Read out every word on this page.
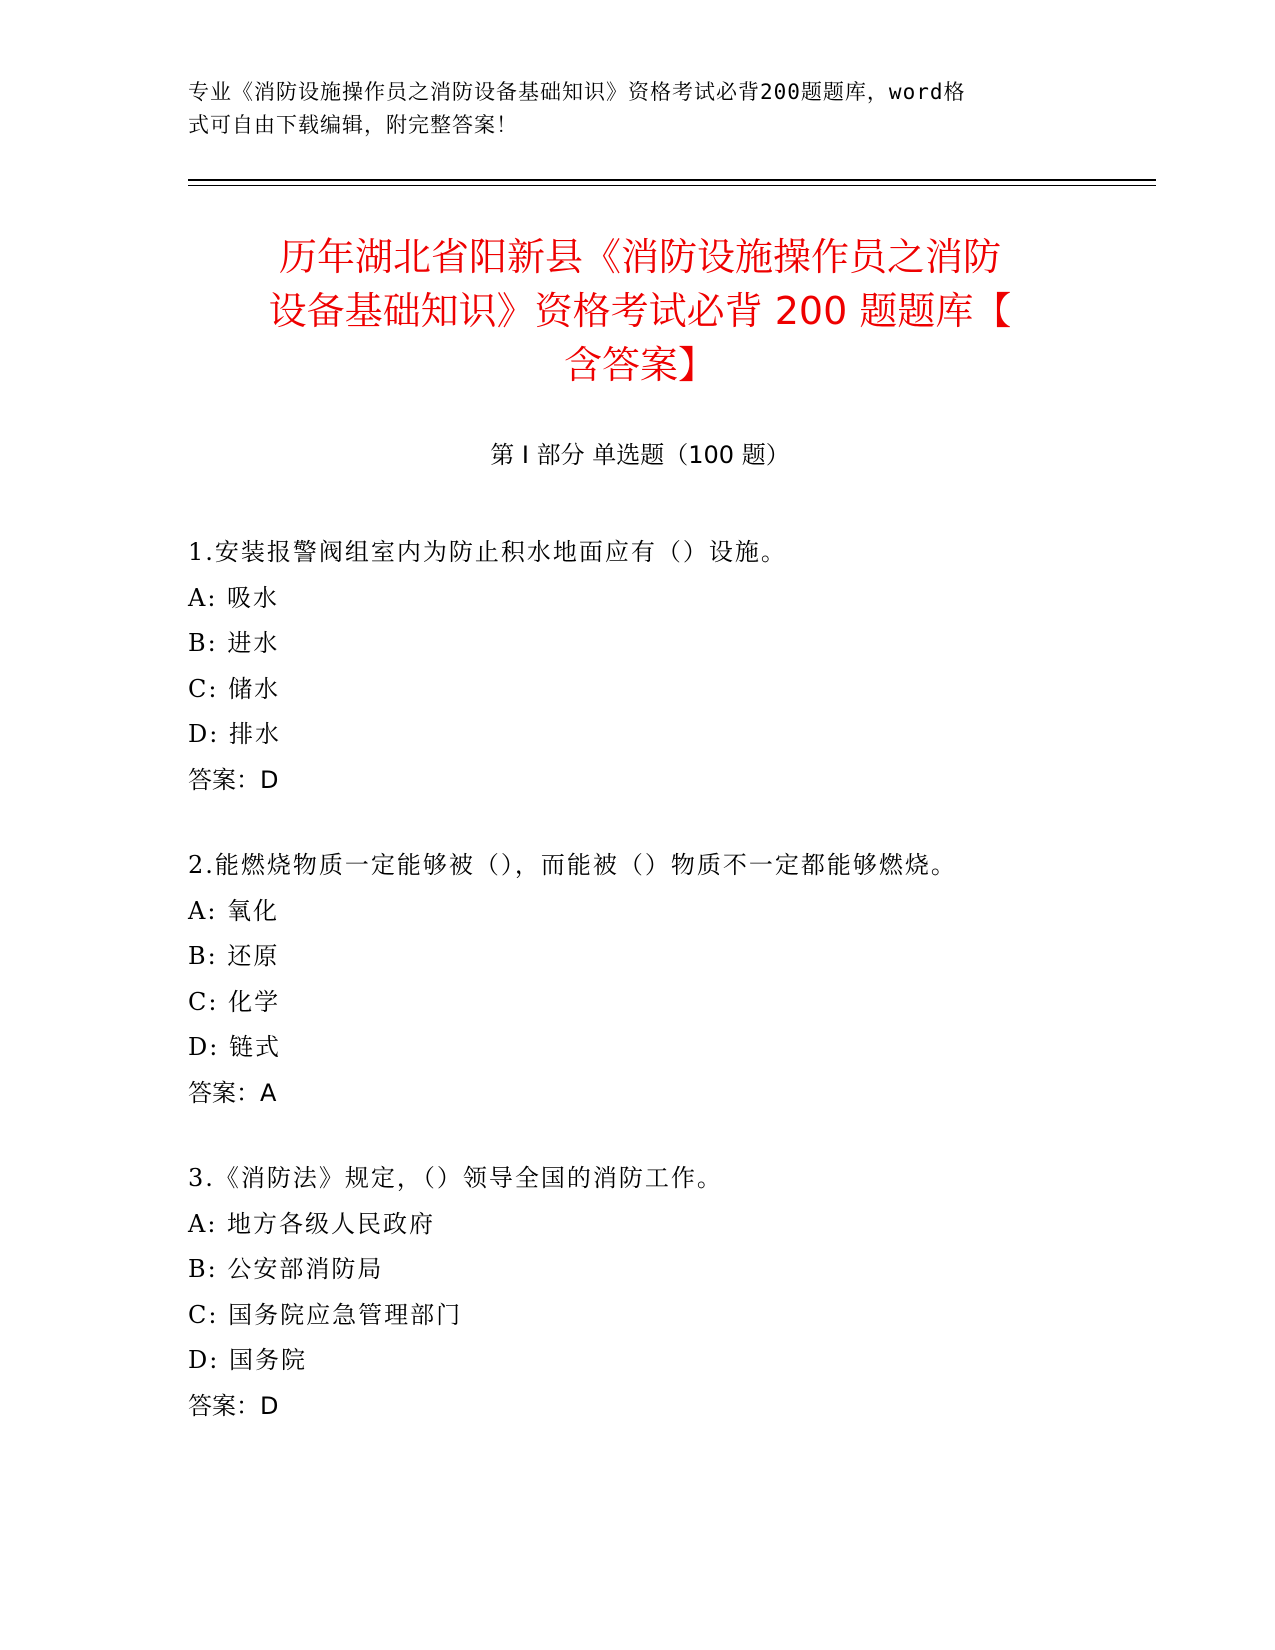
专业《消防设施操作员之消防设备基础知识》资格考试必背200题题库，word格
式可自由下载编辑，附完整答案！
历年湖北省阳新县《消防设施操作员之消防
设备基础知识》资格考试必背 200 题题库【
含答案】
第 I 部分 单选题（100 题）
1.安装报警阀组室内为防止积水地面应有（）设施。
A: 吸水
B: 进水
C: 储水
D: 排水
答案：D
2.能燃烧物质一定能够被（），而能被（）物质不一定都能够燃烧。
A: 氧化
B: 还原
C: 化学
D: 链式
答案：A
3.《消防法》规定，（）领导全国的消防工作。
A: 地方各级人民政府
B: 公安部消防局
C: 国务院应急管理部门
D: 国务院
答案：D
